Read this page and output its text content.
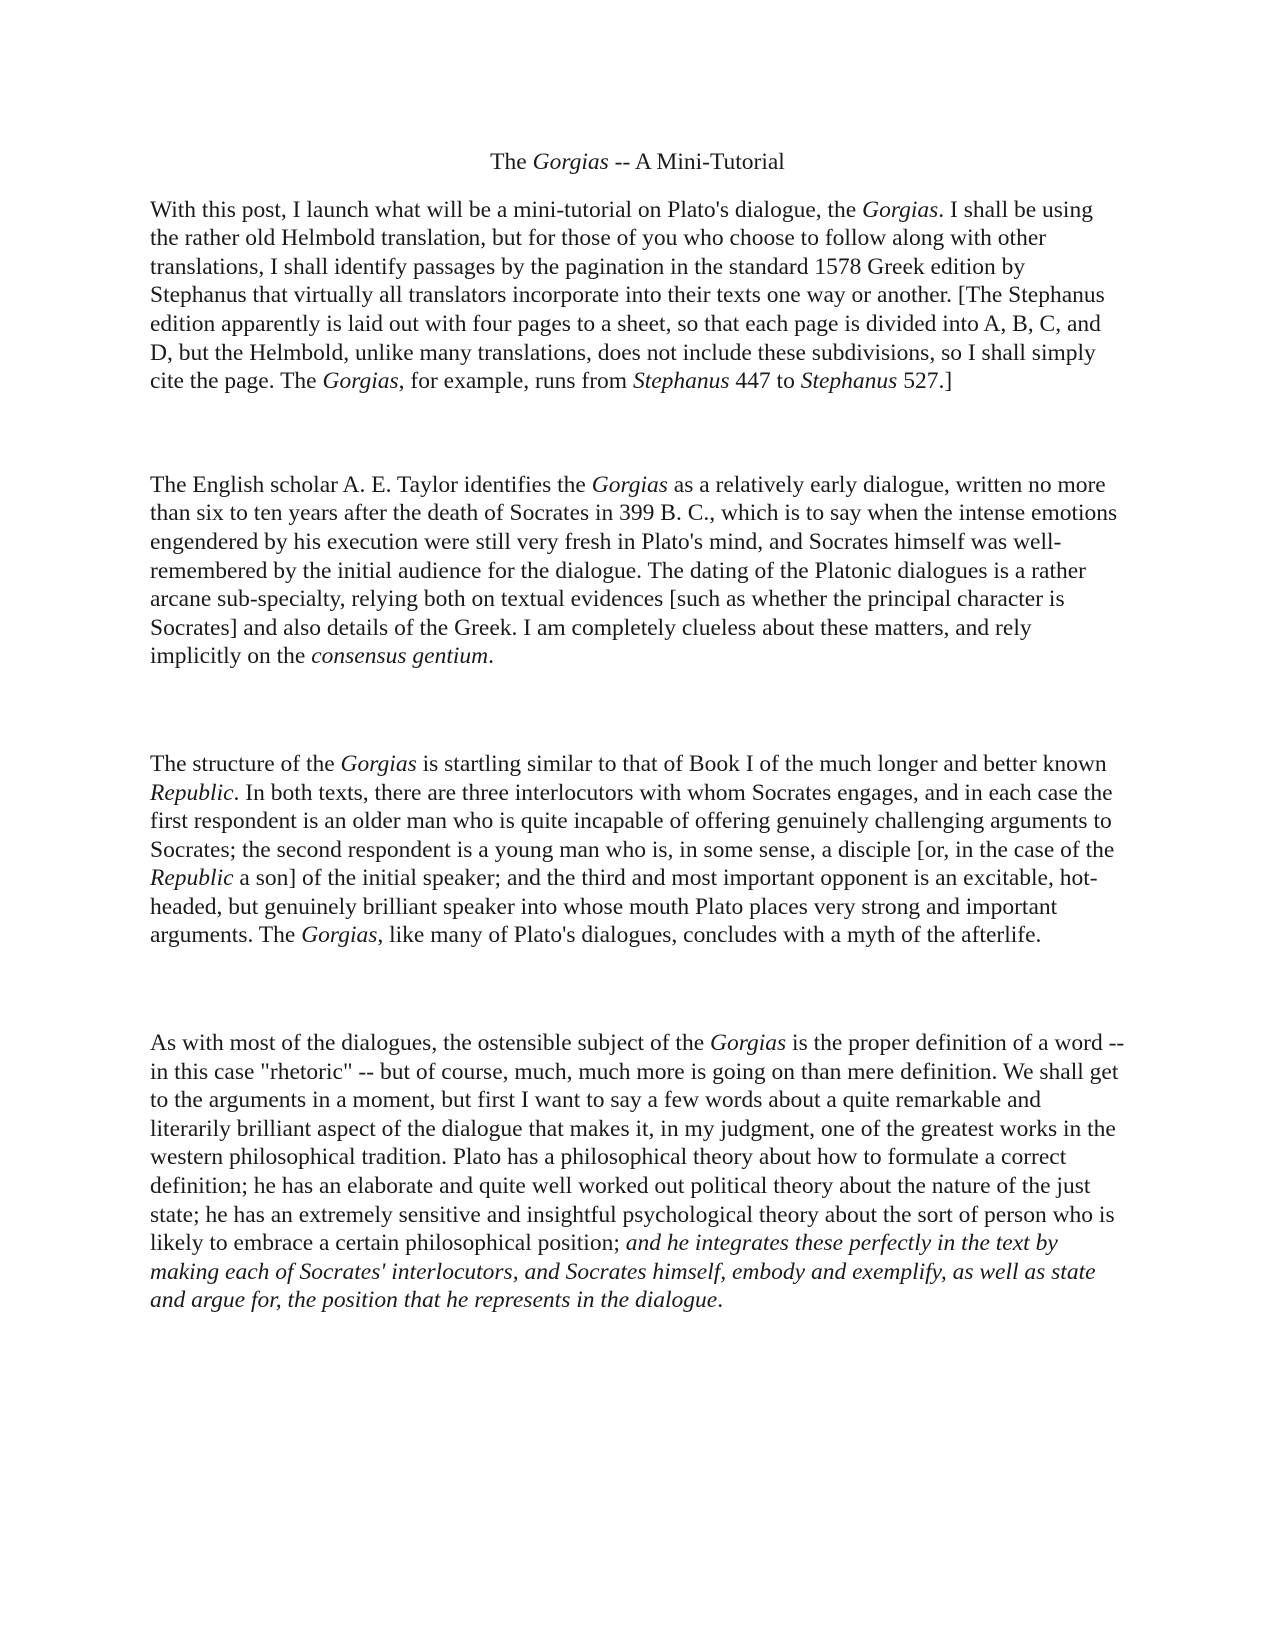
The Gorgias -- A Mini-Tutorial

With this post, I launch what will be a mini-tutorial on Plato's dialogue, the Gorgias. I shall be using the rather old Helmbold translation, but for those of you who choose to follow along with other translations, I shall identify passages by the pagination in the standard 1578 Greek edition by Stephanus that virtually all translators incorporate into their texts one way or another. [The Stephanus edition apparently is laid out with four pages to a sheet, so that each page is divided into A, B, C, and D, but the Helmbold, unlike many translations, does not include these subdivisions, so I shall simply cite the page. The Gorgias, for example, runs from Stephanus 447 to Stephanus 527.]

The English scholar A. E. Taylor identifies the Gorgias as a relatively early dialogue, written no more than six to ten years after the death of Socrates in 399 B. C., which is to say when the intense emotions engendered by his execution were still very fresh in Plato's mind, and Socrates himself was well-remembered by the initial audience for the dialogue. The dating of the Platonic dialogues is a rather arcane sub-specialty, relying both on textual evidences [such as whether the principal character is Socrates] and also details of the Greek. I am completely clueless about these matters, and rely implicitly on the consensus gentium.

The structure of the Gorgias is startling similar to that of Book I of the much longer and better known Republic. In both texts, there are three interlocutors with whom Socrates engages, and in each case the first respondent is an older man who is quite incapable of offering genuinely challenging arguments to Socrates; the second respondent is a young man who is, in some sense, a disciple [or, in the case of the Republic a son] of the initial speaker; and the third and most important opponent is an excitable, hot-headed, but genuinely brilliant speaker into whose mouth Plato places very strong and important arguments. The Gorgias, like many of Plato's dialogues, concludes with a myth of the afterlife.

As with most of the dialogues, the ostensible subject of the Gorgias is the proper definition of a word -- in this case "rhetoric" -- but of course, much, much more is going on than mere definition. We shall get to the arguments in a moment, but first I want to say a few words about a quite remarkable and literarily brilliant aspect of the dialogue that makes it, in my judgment, one of the greatest works in the western philosophical tradition. Plato has a philosophical theory about how to formulate a correct definition; he has an elaborate and quite well worked out political theory about the nature of the just state; he has an extremely sensitive and insightful psychological theory about the sort of person who is likely to embrace a certain philosophical position; and he integrates these perfectly in the text by making each of Socrates' interlocutors, and Socrates himself, embody and exemplify, as well as state and argue for, the position that he represents in the dialogue.
